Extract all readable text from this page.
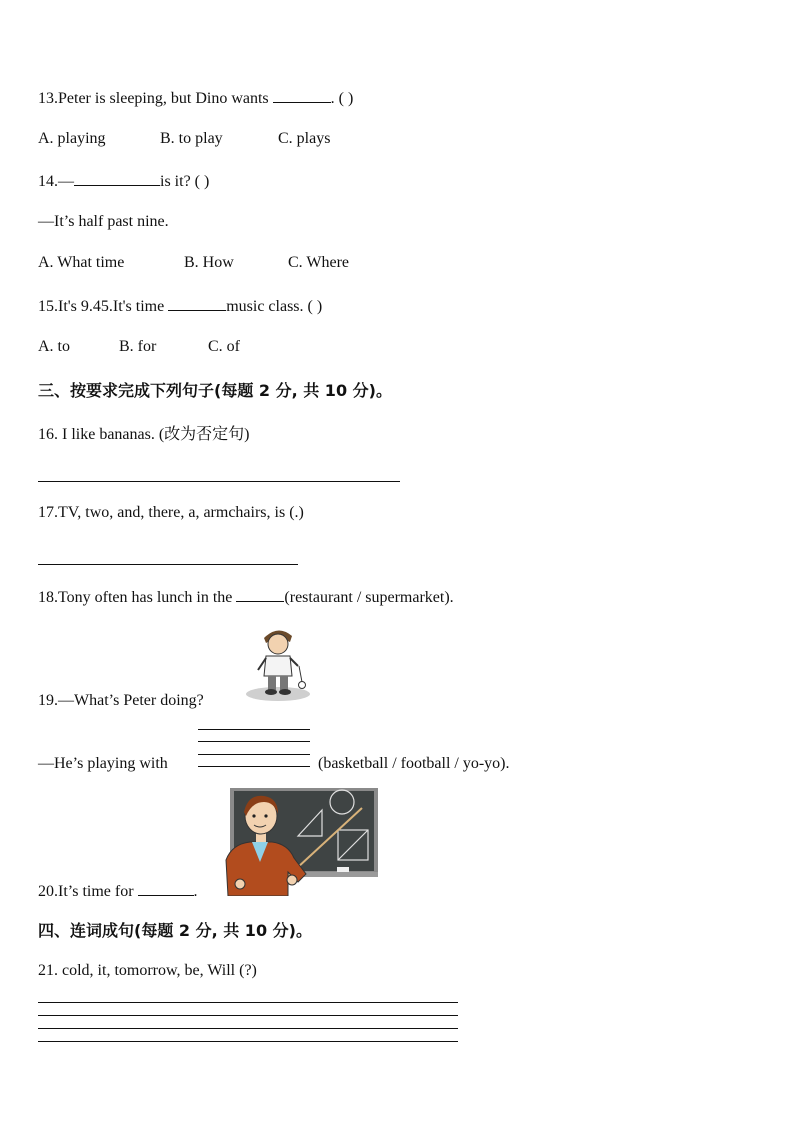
13.Peter is sleeping, but Dino wants	. ( )
A. playing	B. to play	C. plays
14.—	is it? ( )
—It’s half past nine.
A. What time	B. How	C. Where
15.It's 9.45.It's time	music class. ( )
A. to	B. for	C. of
三、按要求完成下列句子(每题 2 分, 共 10 分)。
16. I like bananas. (改为否定句)
17.TV, two, and, there, a, armchairs, is (.)
18.Tony often has lunch in the	(restaurant / supermarket).
19.—What’s Peter doing?
—He’s playing with	(basketball / football / yo-yo).
20.It’s time for	.
四、连词成句(每题 2 分, 共 10 分)。
21. cold, it, tomorrow, be, Will (?)
